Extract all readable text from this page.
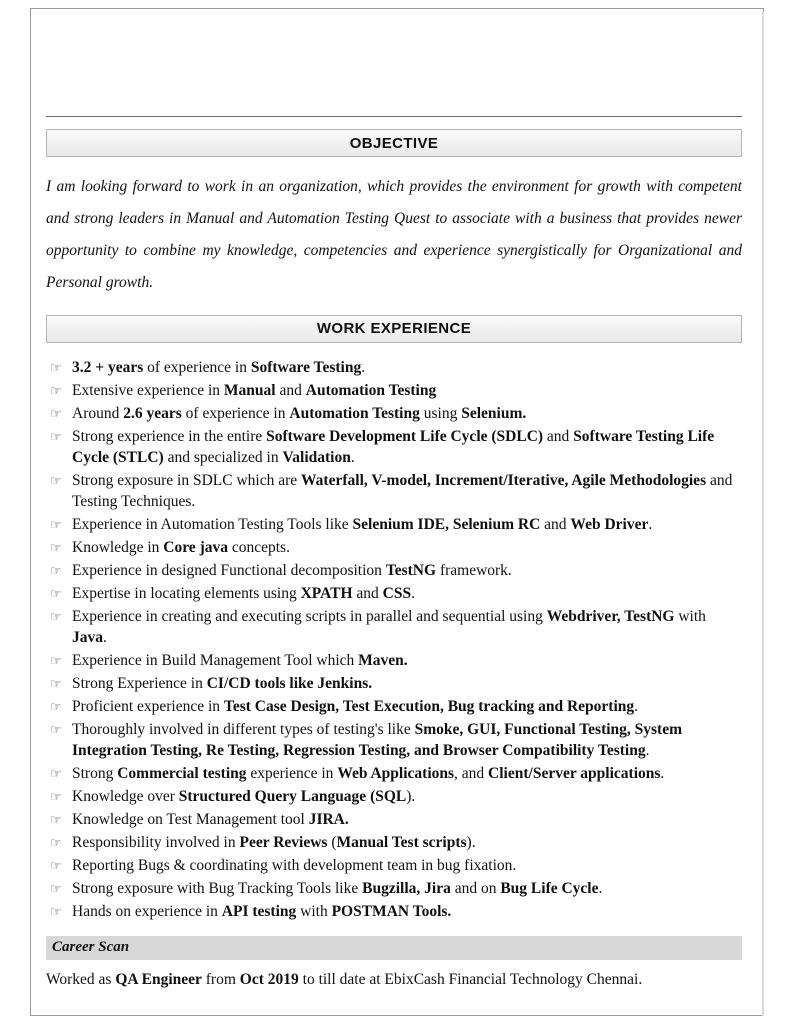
OBJECTIVE

I am looking forward to work in an organization, which provides the environment for growth with competent and strong leaders in Manual and Automation Testing Quest to associate with a business that provides newer opportunity to combine my knowledge, competencies and experience synergistically for Organizational and Personal growth.

WORK EXPERIENCE
☞ 3.2 + years of experience in Software Testing.
☞ Extensive experience in Manual and Automation Testing
☞ Around 2.6 years of experience in Automation Testing using Selenium.
☞ Strong experience in the entire Software Development Life Cycle (SDLC) and Software Testing Life Cycle (STLC) and specialized in Validation.
☞ Strong exposure in SDLC which are Waterfall, V-model, Increment/Iterative, Agile Methodologies and Testing Techniques.
☞ Experience in Automation Testing Tools like Selenium IDE, Selenium RC and Web Driver.
☞ Knowledge in Core java concepts.
☞ Experience in designed Functional decomposition TestNG framework.
☞ Expertise in locating elements using XPATH and CSS.
☞ Experience in creating and executing scripts in parallel and sequential using Webdriver, TestNG with Java.
☞ Experience in Build Management Tool which Maven.
☞ Strong Experience in CI/CD tools like Jenkins.
☞ Proficient experience in Test Case Design, Test Execution, Bug tracking and Reporting.
☞ Thoroughly involved in different types of testing's like Smoke, GUI, Functional Testing, System Integration Testing, Re Testing, Regression Testing, and Browser Compatibility Testing.
☞ Strong Commercial testing experience in Web Applications, and Client/Server applications.
☞ Knowledge over Structured Query Language (SQL).
☞ Knowledge on Test Management tool JIRA.
☞ Responsibility involved in Peer Reviews (Manual Test scripts).
☞ Reporting Bugs & coordinating with development team in bug fixation.
☞ Strong exposure with Bug Tracking Tools like Bugzilla, Jira and on Bug Life Cycle.
☞ Hands on experience in API testing with POSTMAN Tools.
Career Scan
Worked as QA Engineer from Oct 2019 to till date at EbixCash Financial Technology Chennai.
